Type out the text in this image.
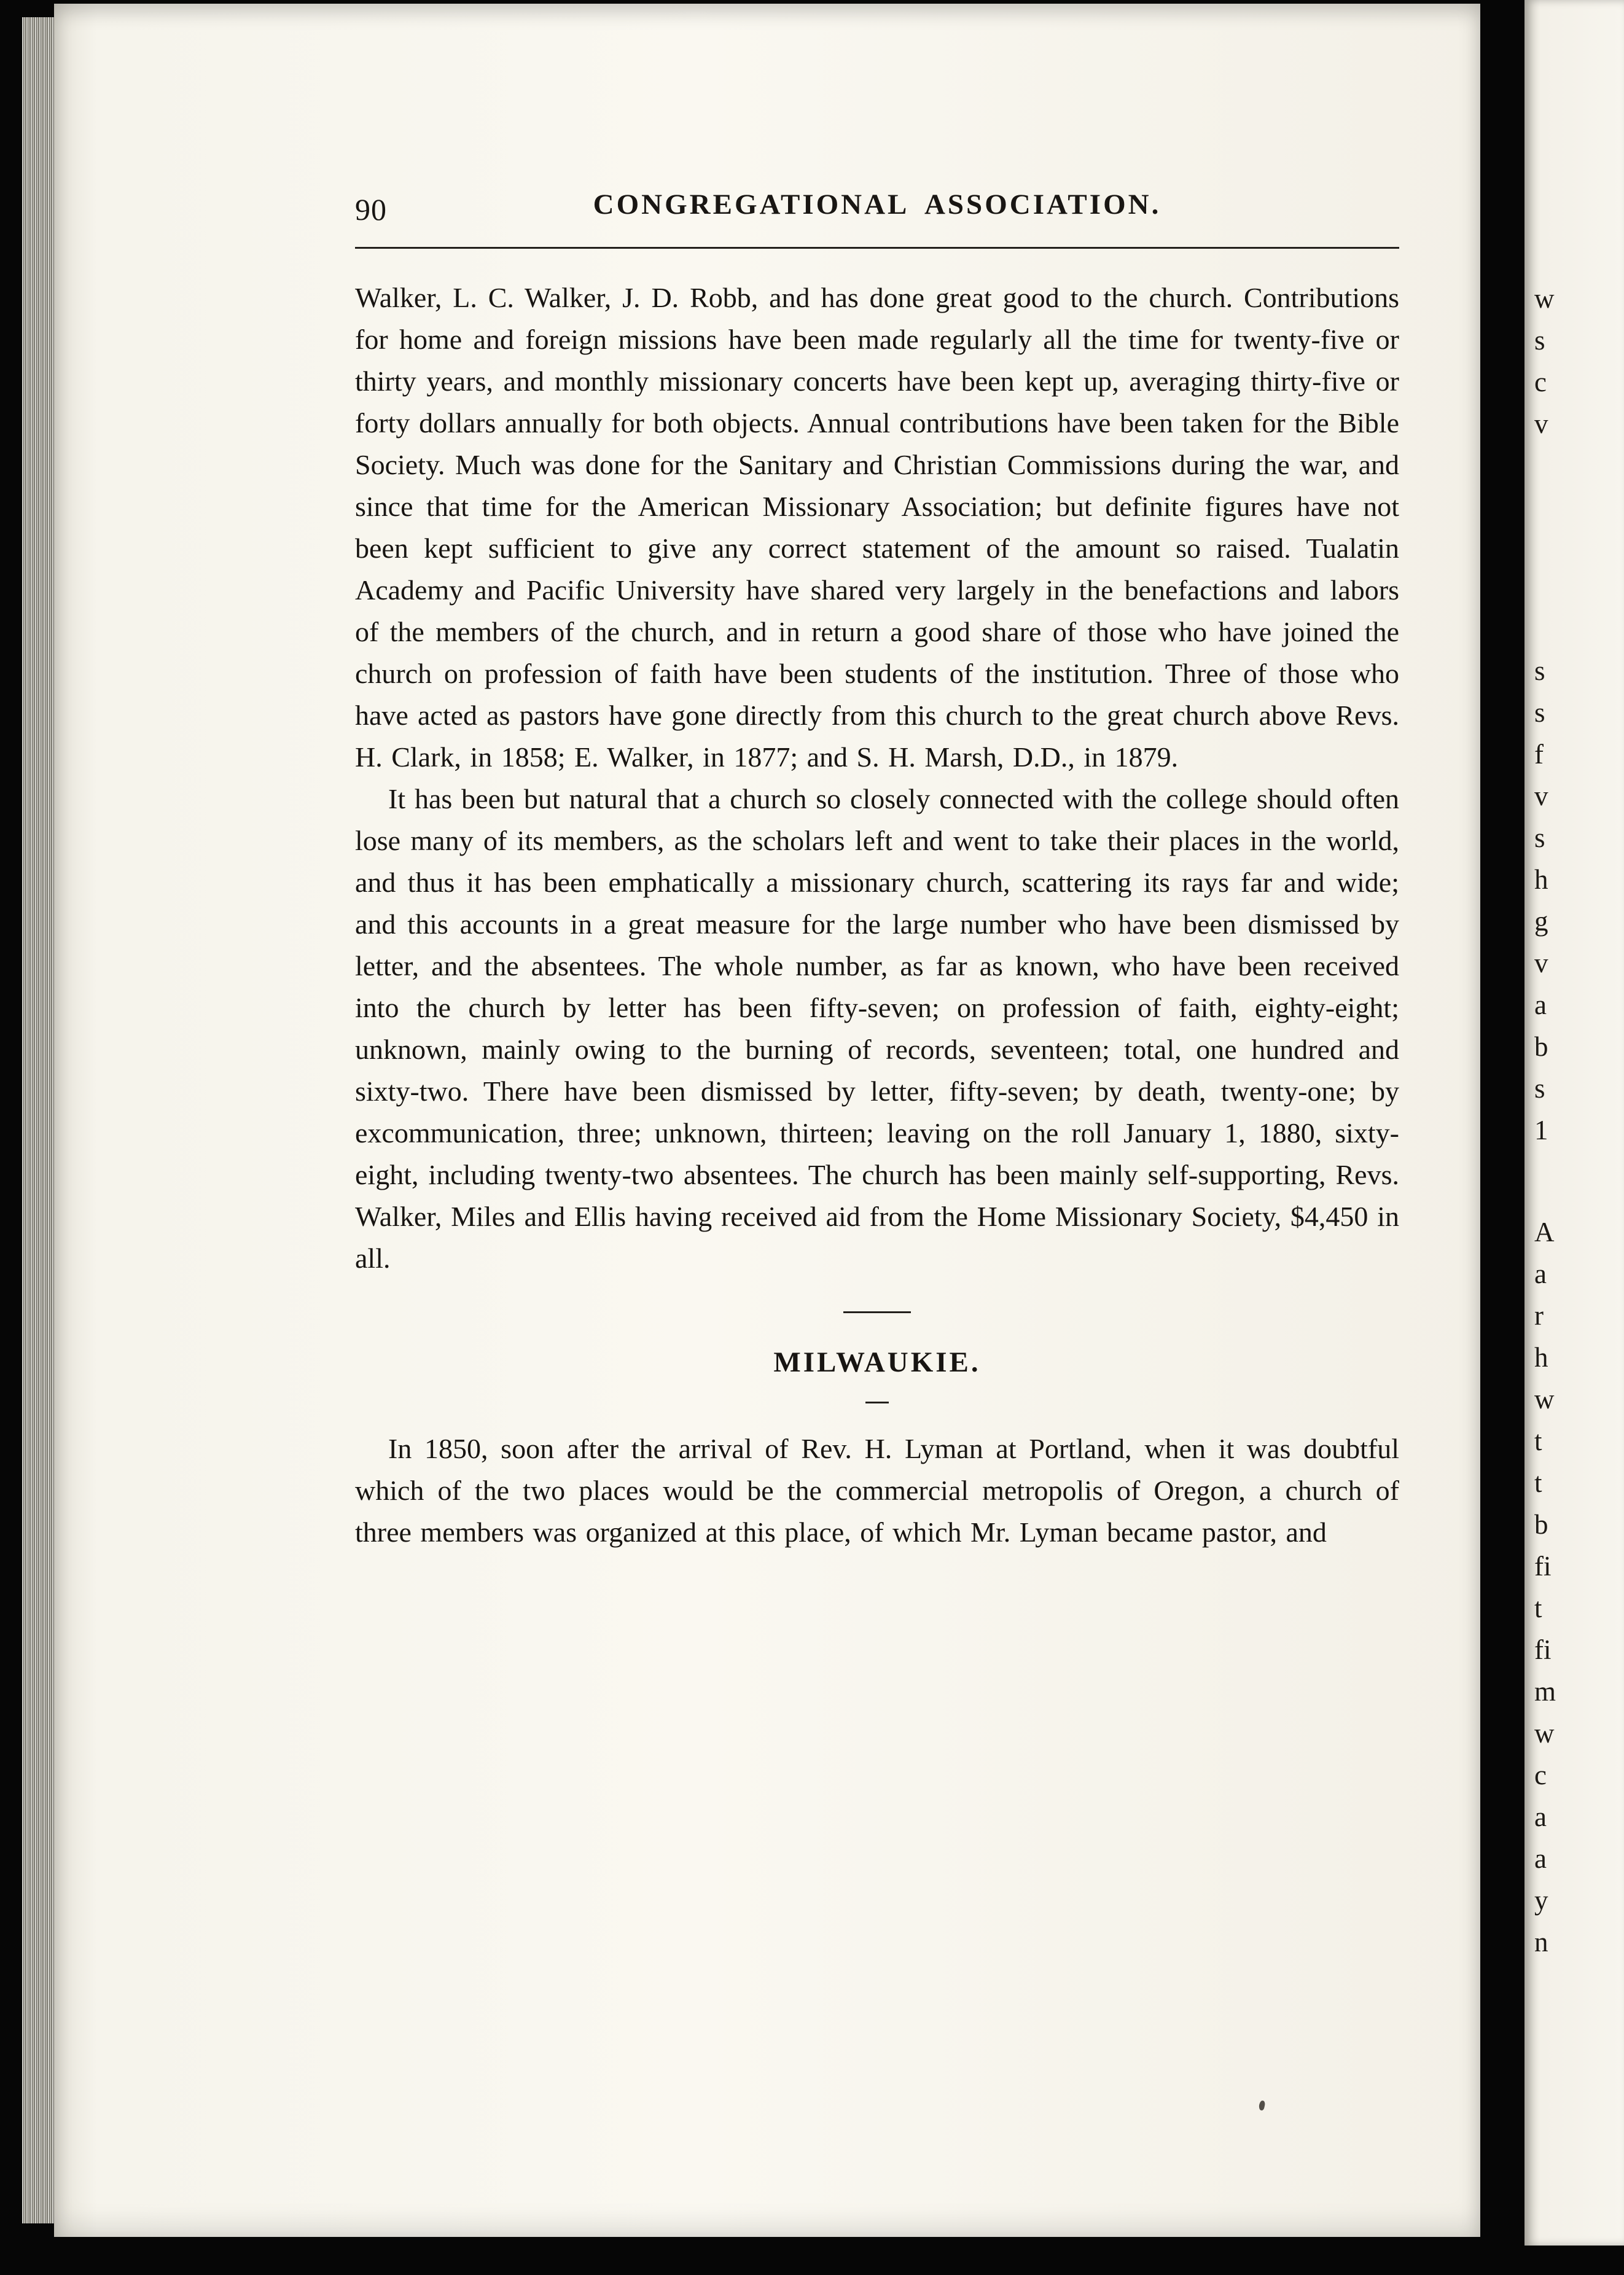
90	CONGREGATIONAL ASSOCIATION.

Walker, L. C. Walker, J. D. Robb, and has done great good to the church. Contributions for home and foreign missions have been made regularly all the time for twenty-five or thirty years, and monthly missionary concerts have been kept up, averaging thirty-five or forty dollars annually for both objects. Annual contributions have been taken for the Bible Society. Much was done for the Sanitary and Christian Commissions during the war, and since that time for the American Missionary Association; but definite figures have not been kept sufficient to give any correct statement of the amount so raised. Tualatin Academy and Pacific University have shared very largely in the benefactions and labors of the members of the church, and in return a good share of those who have joined the church on profession of faith have been students of the institution. Three of those who have acted as pastors have gone directly from this church to the great church above Revs. H. Clark, in 1858; E. Walker, in 1877; and S. H. Marsh, D.D., in 1879.

It has been but natural that a church so closely connected with the college should often lose many of its members, as the scholars left and went to take their places in the world, and thus it has been emphatically a missionary church, scattering its rays far and wide; and this accounts in a great measure for the large number who have been dismissed by letter, and the absentees. The whole number, as far as known, who have been received into the church by letter has been fifty-seven; on profession of faith, eighty-eight; unknown, mainly owing to the burning of records, seventeen; total, one hundred and sixty-two. There have been dismissed by letter, fifty-seven; by death, twenty-one; by excommunication, three; unknown, thirteen; leaving on the roll January 1, 1880, sixty-eight, including twenty-two absentees. The church has been mainly self-supporting, Revs. Walker, Miles and Ellis having received aid from the Home Missionary Society, $4,450 in all.

MILWAUKIE.

In 1850, soon after the arrival of Rev. H. Lyman at Portland, when it was doubtful which of the two places would be the commercial metropolis of Oregon, a church of three members was organized at this place, of which Mr. Lyman became pastor, and

w
s
c
v
s
s
f
v
s
h
g
v
a
b
s
1
A
a
r
h
w
t
t
b
fi
t
fi
m
w
c
a
a
y
n
